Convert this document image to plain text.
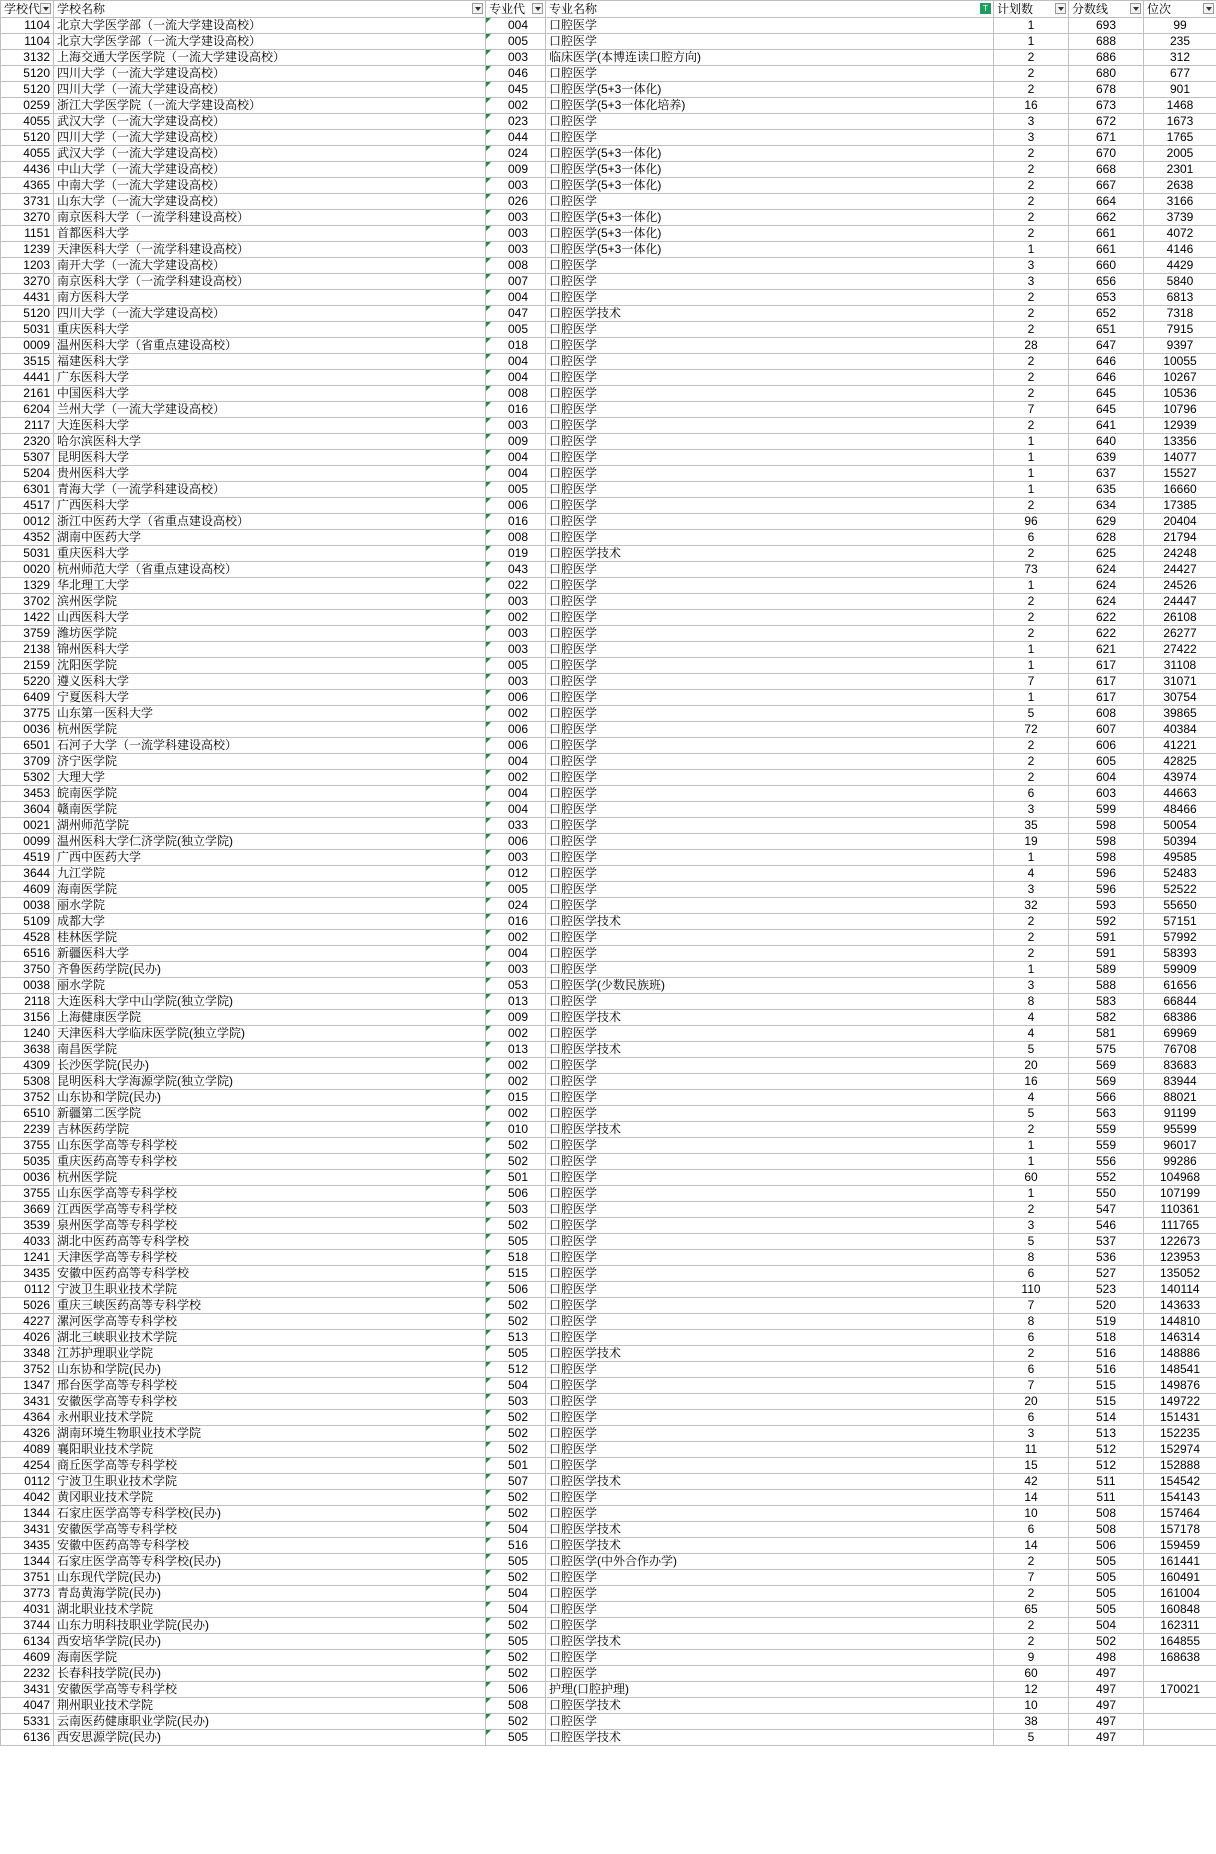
学校代	学校名称	专业代	专业名称 T	计划数	分数线	位次

1104	北京大学医学部（一流大学建设高校）	004	口腔医学	1	693	99
1104	北京大学医学部（一流大学建设高校）	005	口腔医学	1	688	235
3132	上海交通大学医学院（一流大学建设高校）	003	临床医学(本博连读口腔方向)	2	686	312
5120	四川大学（一流大学建设高校）	046	口腔医学	2	680	677
5120	四川大学（一流大学建设高校）	045	口腔医学(5+3一体化)	2	678	901
0259	浙江大学医学院（一流大学建设高校）	002	口腔医学(5+3一体化培养)	16	673	1468
4055	武汉大学（一流大学建设高校）	023	口腔医学	3	672	1673
5120	四川大学（一流大学建设高校）	044	口腔医学	3	671	1765
4055	武汉大学（一流大学建设高校）	024	口腔医学(5+3一体化)	2	670	2005
4436	中山大学（一流大学建设高校）	009	口腔医学(5+3一体化)	2	668	2301
4365	中南大学（一流大学建设高校）	003	口腔医学(5+3一体化)	2	667	2638
3731	山东大学（一流大学建设高校）	026	口腔医学	2	664	3166
3270	南京医科大学（一流学科建设高校）	003	口腔医学(5+3一体化)	2	662	3739
1151	首都医科大学	003	口腔医学(5+3一体化)	2	661	4072
1239	天津医科大学（一流学科建设高校）	003	口腔医学(5+3一体化)	1	661	4146
1203	南开大学（一流大学建设高校）	008	口腔医学	3	660	4429
3270	南京医科大学（一流学科建设高校）	007	口腔医学	3	656	5840
4431	南方医科大学	004	口腔医学	2	653	6813
5120	四川大学（一流大学建设高校）	047	口腔医学技术	2	652	7318
5031	重庆医科大学	005	口腔医学	2	651	7915
0009	温州医科大学（省重点建设高校）	018	口腔医学	28	647	9397
3515	福建医科大学	004	口腔医学	2	646	10055
4441	广东医科大学	004	口腔医学	2	646	10267
2161	中国医科大学	008	口腔医学	2	645	10536
6204	兰州大学（一流大学建设高校）	016	口腔医学	7	645	10796
2117	大连医科大学	003	口腔医学	2	641	12939
2320	哈尔滨医科大学	009	口腔医学	1	640	13356
5307	昆明医科大学	004	口腔医学	1	639	14077
5204	贵州医科大学	004	口腔医学	1	637	15527
6301	青海大学（一流学科建设高校）	005	口腔医学	1	635	16660
4517	广西医科大学	006	口腔医学	2	634	17385
0012	浙江中医药大学（省重点建设高校）	016	口腔医学	96	629	20404
4352	湖南中医药大学	008	口腔医学	6	628	21794
5031	重庆医科大学	019	口腔医学技术	2	625	24248
0020	杭州师范大学（省重点建设高校）	043	口腔医学	73	624	24427
1329	华北理工大学	022	口腔医学	1	624	24526
3702	滨州医学院	003	口腔医学	2	624	24447
1422	山西医科大学	002	口腔医学	2	622	26108
3759	潍坊医学院	003	口腔医学	2	622	26277
2138	锦州医科大学	003	口腔医学	1	621	27422
2159	沈阳医学院	005	口腔医学	1	617	31108
5220	遵义医科大学	003	口腔医学	7	617	31071
6409	宁夏医科大学	006	口腔医学	1	617	30754
3775	山东第一医科大学	002	口腔医学	5	608	39865
0036	杭州医学院	006	口腔医学	72	607	40384
6501	石河子大学（一流学科建设高校）	006	口腔医学	2	606	41221
3709	济宁医学院	004	口腔医学	2	605	42825
5302	大理大学	002	口腔医学	2	604	43974
3453	皖南医学院	004	口腔医学	6	603	44663
3604	赣南医学院	004	口腔医学	3	599	48466
0021	湖州师范学院	033	口腔医学	35	598	50054
0099	温州医科大学仁济学院(独立学院)	006	口腔医学	19	598	50394
4519	广西中医药大学	003	口腔医学	1	598	49585
3644	九江学院	012	口腔医学	4	596	52483
4609	海南医学院	005	口腔医学	3	596	52522
0038	丽水学院	024	口腔医学	32	593	55650
5109	成都大学	016	口腔医学技术	2	592	57151
4528	桂林医学院	002	口腔医学	2	591	57992
6516	新疆医科大学	004	口腔医学	2	591	58393
3750	齐鲁医药学院(民办)	003	口腔医学	1	589	59909
0038	丽水学院	053	口腔医学(少数民族班)	3	588	61656
2118	大连医科大学中山学院(独立学院)	013	口腔医学	8	583	66844
3156	上海健康医学院	009	口腔医学技术	4	582	68386
1240	天津医科大学临床医学院(独立学院)	002	口腔医学	4	581	69969
3638	南昌医学院	013	口腔医学技术	5	575	76708
4309	长沙医学院(民办)	002	口腔医学	20	569	83683
5308	昆明医科大学海源学院(独立学院)	002	口腔医学	16	569	83944
3752	山东协和学院(民办)	015	口腔医学	4	566	88021
6510	新疆第二医学院	002	口腔医学	5	563	91199
2239	吉林医药学院	010	口腔医学技术	2	559	95599
3755	山东医学高等专科学校	502	口腔医学	1	559	96017
5035	重庆医药高等专科学校	502	口腔医学	1	556	99286
0036	杭州医学院	501	口腔医学	60	552	104968
3755	山东医学高等专科学校	506	口腔医学	1	550	107199
3669	江西医学高等专科学校	503	口腔医学	2	547	110361
3539	泉州医学高等专科学校	502	口腔医学	3	546	111765
4033	湖北中医药高等专科学校	505	口腔医学	5	537	122673
1241	天津医学高等专科学校	518	口腔医学	8	536	123953
3435	安徽中医药高等专科学校	515	口腔医学	6	527	135052
0112	宁波卫生职业技术学院	506	口腔医学	110	523	140114
5026	重庆三峡医药高等专科学校	502	口腔医学	7	520	143633
4227	漯河医学高等专科学校	502	口腔医学	8	519	144810
4026	湖北三峡职业技术学院	513	口腔医学	6	518	146314
3348	江苏护理职业学院	505	口腔医学技术	2	516	148886
3752	山东协和学院(民办)	512	口腔医学	6	516	148541
1347	邢台医学高等专科学校	504	口腔医学	7	515	149876
3431	安徽医学高等专科学校	503	口腔医学	20	515	149722
4364	永州职业技术学院	502	口腔医学	6	514	151431
4326	湖南环境生物职业技术学院	502	口腔医学	3	513	152235
4089	襄阳职业技术学院	502	口腔医学	11	512	152974
4254	商丘医学高等专科学校	501	口腔医学	15	512	152888
0112	宁波卫生职业技术学院	507	口腔医学技术	42	511	154542
4042	黄冈职业技术学院	502	口腔医学	14	511	154143
1344	石家庄医学高等专科学校(民办)	502	口腔医学	10	508	157464
3431	安徽医学高等专科学校	504	口腔医学技术	6	508	157178
3435	安徽中医药高等专科学校	516	口腔医学技术	14	506	159459
1344	石家庄医学高等专科学校(民办)	505	口腔医学(中外合作办学)	2	505	161441
3751	山东现代学院(民办)	502	口腔医学	7	505	160491
3773	青岛黄海学院(民办)	504	口腔医学	2	505	161004
4031	湖北职业技术学院	504	口腔医学	65	505	160848
3744	山东力明科技职业学院(民办)	502	口腔医学	2	504	162311
6134	西安培华学院(民办)	505	口腔医学技术	2	502	164855
4609	海南医学院	502	口腔医学	9	498	168638
2232	长春科技学院(民办)	502	口腔医学	60	497	
3431	安徽医学高等专科学校	506	护理(口腔护理)	12	497	170021
4047	荆州职业技术学院	508	口腔医学技术	10	497	
5331	云南医药健康职业学院(民办)	502	口腔医学	38	497	
6136	西安思源学院(民办)	505	口腔医学技术	5	497	
